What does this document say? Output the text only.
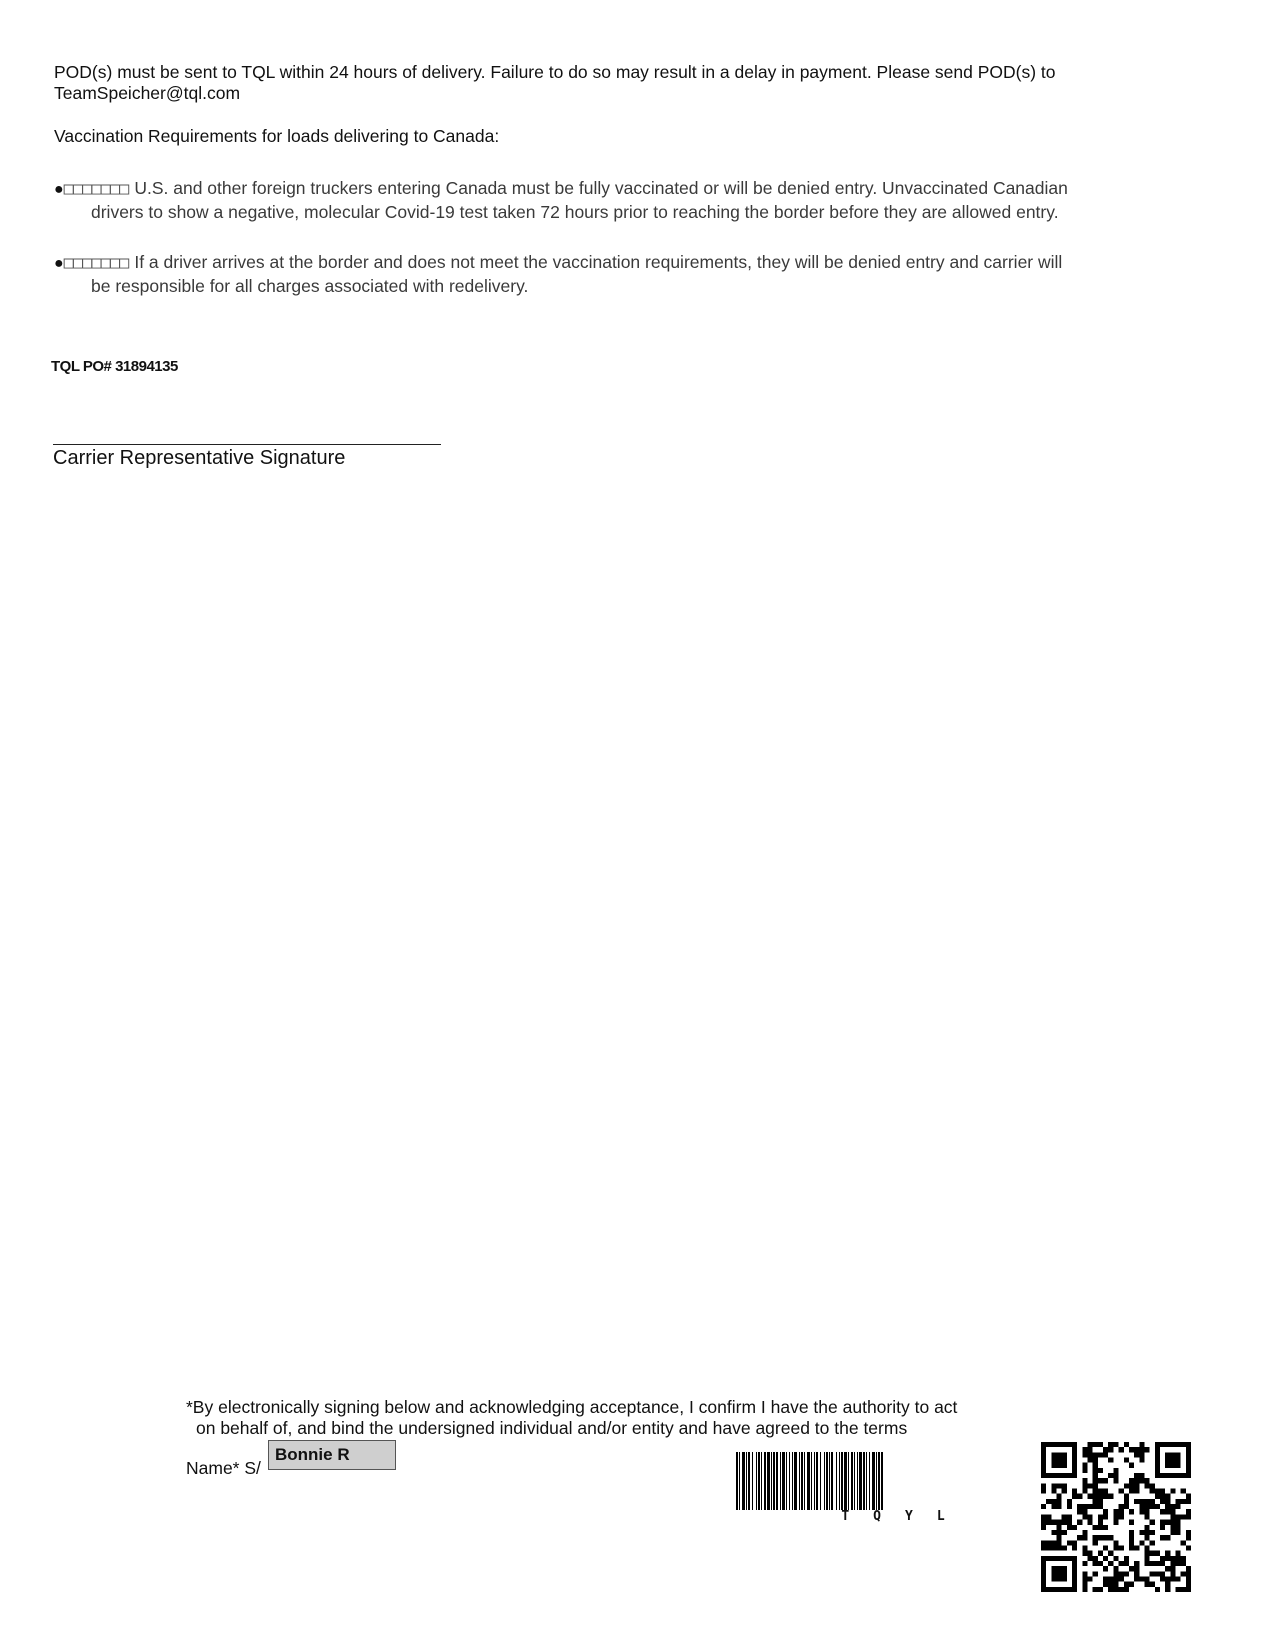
POD(s) must be sent to TQL within 24 hours of delivery. Failure to do so may result in a delay in payment. Please send POD(s) to
TeamSpeicher@tql.com
Vaccination Requirements for loads delivering to Canada:
●□□□□□□□ U.S. and other foreign truckers entering Canada must be fully vaccinated or will be denied entry. Unvaccinated Canadian
drivers to show a negative, molecular Covid-19 test taken 72 hours prior to reaching the border before they are allowed entry.
●□□□□□□□ If a driver arrives at the border and does not meet the vaccination requirements, they will be denied entry and carrier will
be responsible for all charges associated with redelivery.
TQL PO# 31894135
Carrier Representative Signature
*By electronically signing below and acknowledging acceptance, I confirm I have the authority to act
on behalf of, and bind the undersigned individual and/or entity and have agreed to the terms
Name* S/
Bonnie R
TQYL
